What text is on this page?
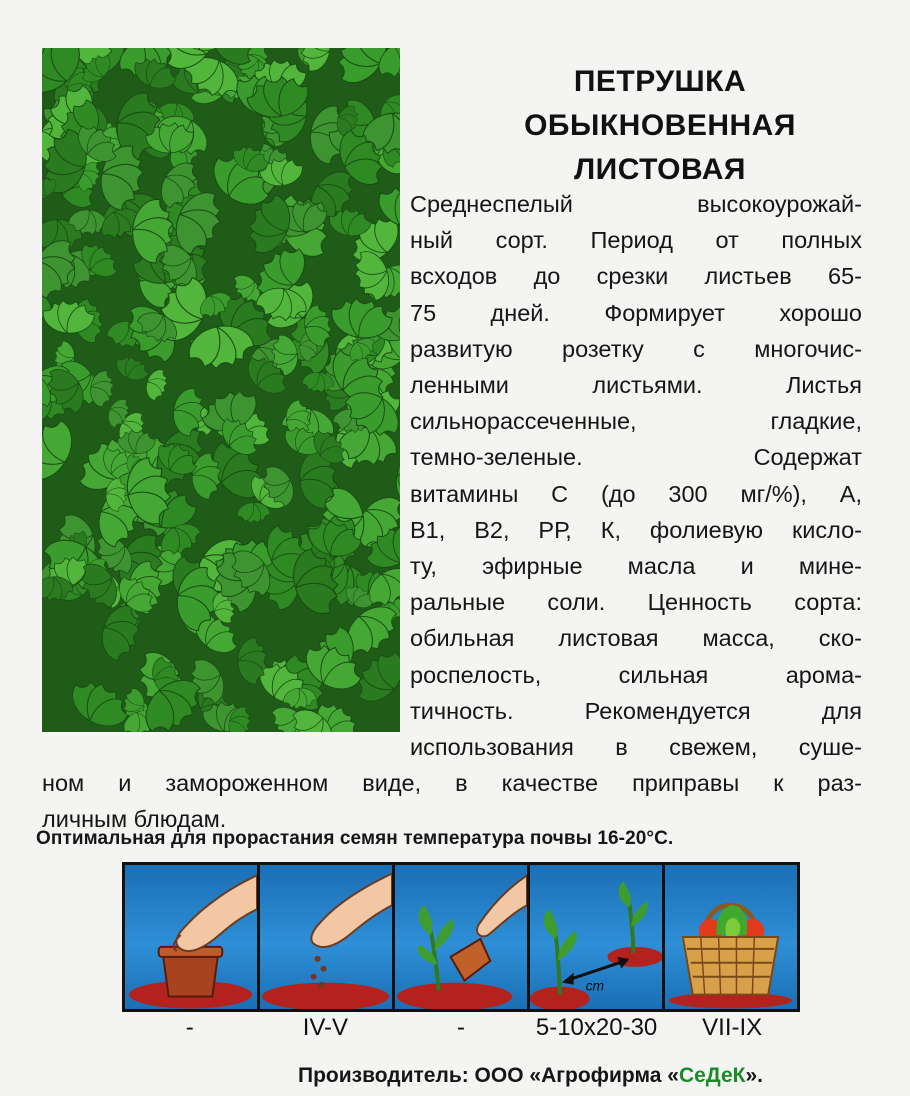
ПЕТРУШКА
ОБЫКНОВЕННАЯ
ЛИСТОВАЯ
Среднеспелый высокоурожай-
ный сорт. Период от полных
всходов до срезки листьев 65-
75 дней. Формирует хорошо
развитую розетку с многочис-
ленными листьями. Листья
сильнорассеченные, гладкие,
темно-зеленые. Содержат
витамины С (до 300 мг/%), А,
В1, В2, РР, К, фолиевую кисло-
ту, эфирные масла и мине-
ральные соли. Ценность сорта:
обильная листовая масса, ско-
роспелость, сильная арома-
тичность. Рекомендуется для
использования в свежем, суше-
ном и замороженном виде, в качестве приправы к раз-
личным блюдам.
Оптимальная для прорастания семян температура почвы 16-20°С.
cm
-	IV-V	-	5-10x20-30	VII-IX
Производитель: ООО «Агрофирма «СеДеК».
